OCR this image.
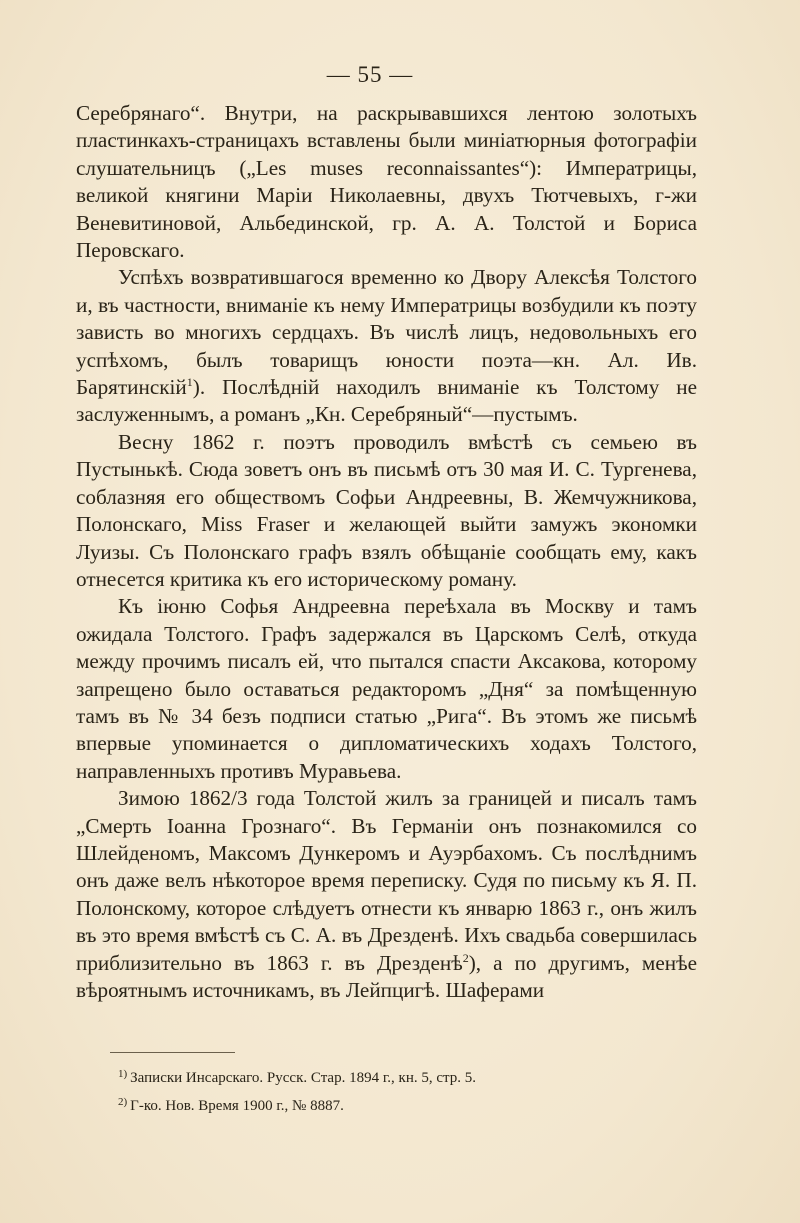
— 55 —

Серебрянаго“. Внутри, на раскрывавшихся лентою золотыхъ пластинкахъ-страницахъ вставлены были миніатюрныя фотографіи слушательницъ („Les muses reconnaissantes“): Императрицы, великой княгини Маріи Николаевны, двухъ Тютчевыхъ, г-жи Веневитиновой, Альбединской, гр. А. А. Толстой и Бориса Перовскаго.

Успѣхъ возвратившагося временно ко Двору Алексѣя Толстого и, въ частности, вниманіе къ нему Императрицы возбудили къ поэту зависть во многихъ сердцахъ. Въ числѣ лицъ, недовольныхъ его успѣхомъ, былъ товарищъ юности поэта—кн. Ал. Ив. Барятинскій$^1$). Послѣдній находилъ вниманіе къ Толстому не заслуженнымъ, а романъ „Кн. Серебряный“—пустымъ.

Весну 1862 г. поэтъ проводилъ вмѣстѣ съ семьею въ Пустынькѣ. Сюда зоветъ онъ въ письмѣ отъ 30 мая И. С. Тургенева, соблазняя его обществомъ Софьи Андреевны, В. Жемчужникова, Полонскаго, Miss Fraser и желающей выйти замужъ экономки Луизы. Съ Полонскаго графъ взялъ обѣщаніе сообщать ему, какъ отнесется критика къ его историческому роману.

Къ іюню Софья Андреевна переѣхала въ Москву и тамъ ожидала Толстого. Графъ задержался въ Царскомъ Селѣ, откуда между прочимъ писалъ ей, что пытался спасти Аксакова, которому запрещено было оставаться редакторомъ „Дня“ за помѣщенную тамъ въ № 34 безъ подписи статью „Рига“. Въ этомъ же письмѣ впервые упоминается о дипломатическихъ ходахъ Толстого, направленныхъ противъ Муравьева.

Зимою 1862/3 года Толстой жилъ за границей и писалъ тамъ „Смерть Іоанна Грознаго“. Въ Германіи онъ познакомился со Шлейденомъ, Максомъ Дункеромъ и Ауэрбахомъ. Съ послѣднимъ онъ даже велъ нѣкоторое время переписку. Судя по письму къ Я. П. Полонскому, которое слѣдуетъ отнести къ январю 1863 г., онъ жилъ въ это время вмѣстѣ съ С. А. въ Дрезденѣ. Ихъ свадьба совершилась приблизительно въ 1863 г. въ Дрезденѣ$^2$), а по другимъ, менѣе вѣроятнымъ источникамъ, въ Лейпцигѣ. Шаферами

$^{1)}$ Записки Инсарскаго. Русск. Стар. 1894 г., кн. 5, стр. 5.
$^{2)}$ Г-ко. Нов. Время 1900 г., № 8887.
